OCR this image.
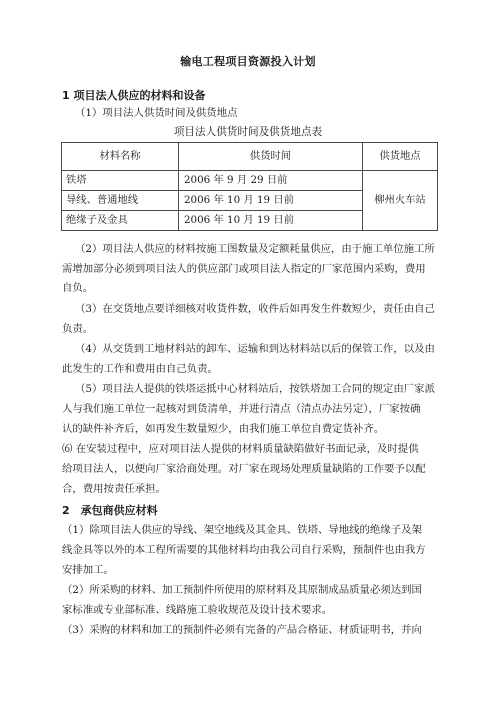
输电工程项目资源投入计划
1 项目法人供应的材料和设备
（1）项目法人供货时间及供货地点
项目法人供货时间及供货地点表
材料名称	供货时间	供货地点
铁塔	2006 年 9 月 29 日前	柳州火车站
导线、普通地线	2006 年 10 月 19 日前	
绝缘子及金具	2006 年 10 月 19 日前	
（2）项目法人供应的材料按施工图数量及定额耗量供应，由于施工单位施工所
需增加部分必须到项目法人的供应部门或项目法人指定的厂家范围内采购，费用
自负。
（3）在交货地点要详细核对收货件数，收件后如再发生件数短少，责任由自己
负责。
（4）从交货到工地材料站的卸车、运输和到达材料站以后的保管工作，以及由
此发生的工作和费用由自己负责。
（5）项目法人提供的铁塔运抵中心材料站后，按铁塔加工合同的规定由厂家派
人与我们施工单位一起核对到货清单，并进行清点（清点办法另定），厂家按确
认的缺件补齐后，如再发生数量短少，由我们施工单位自费定货补齐。
⑹ 在安装过程中，应对项目法人提供的材料质量缺陷做好书面记录，及时提供
给项目法人，以便向厂家洽商处理。对厂家在现场处理质量缺陷的工作要予以配
合，费用按责任承担。
2　承包商供应材料
（1）除项目法人供应的导线、架空地线及其金具、铁塔、导地线的绝缘子及架
线金具等以外的本工程所需要的其他材料均由我公司自行采购，预制件也由我方
安排加工。
（2）所采购的材料、加工预制件所使用的原材料及其原制成品质量必须达到国
家标准或专业部标准、线路施工验收规范及设计技术要求。
（3）采购的材料和加工的预制件必须有完备的产品合格证、材质证明书，并向
